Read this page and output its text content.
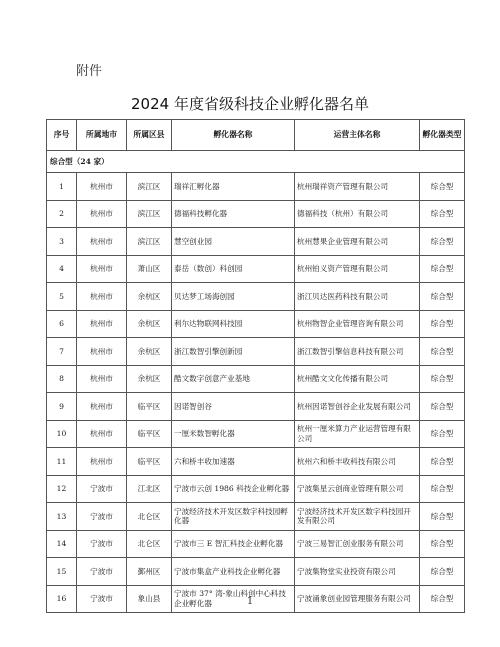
附件
2024 年度省级科技企业孵化器名单
序号	所属地市	所属区县	孵化器名称	运营主体名称	孵化器类型
综合型（24 家）					
1	杭州市	滨江区	瑞祥汇孵化器	杭州瑞祥资产管理有限公司	综合型
2	杭州市	滨江区	德福科技孵化器	德福科技（杭州）有限公司	综合型
3	杭州市	滨江区	慧空创业园	杭州慧果企业管理有限公司	综合型
4	杭州市	萧山区	泰岳（数创）科创园	杭州铂义资产管理有限公司	综合型
5	杭州市	余杭区	贝达梦工场海创园	浙江贝达医药科技有限公司	综合型
6	杭州市	余杭区	利尔达物联网科技园	杭州物智企业管理咨询有限公司	综合型
7	杭州市	余杭区	浙江数智引擎创新园	浙江数智引擎信息科技有限公司	综合型
8	杭州市	余杭区	酷文数字创意产业基地	杭州酷文文化传播有限公司	综合型
9	杭州市	临平区	因诺智创谷	杭州因诺智创谷企业发展有限公司	综合型
10	杭州市	临平区	一厘米数智孵化器	杭州一厘米算力产业运营管理有限公司	综合型
11	杭州市	临平区	六和桥丰收加速器	杭州六和桥丰收科技有限公司	综合型
12	宁波市	江北区	宁波市云创 1986 科技企业孵化器	宁波集星云创商业管理有限公司	综合型
13	宁波市	北仑区	宁波经济技术开发区数字科技园孵化器	宁波经济技术开发区数字科技园开发有限公司	综合型
14	宁波市	北仑区	宁波市三 E 智汇科技企业孵化器	宁波三易智汇创业服务有限公司	综合型
15	宁波市	鄞州区	宁波市集盒产业科技企业孵化器	宁波集物堂实业投资有限公司	综合型
16	宁波市	象山县	宁波市 37° 湾-象山科创中心科技企业孵化器	宁波涌象创业园管理服务有限公司	综合型
1
